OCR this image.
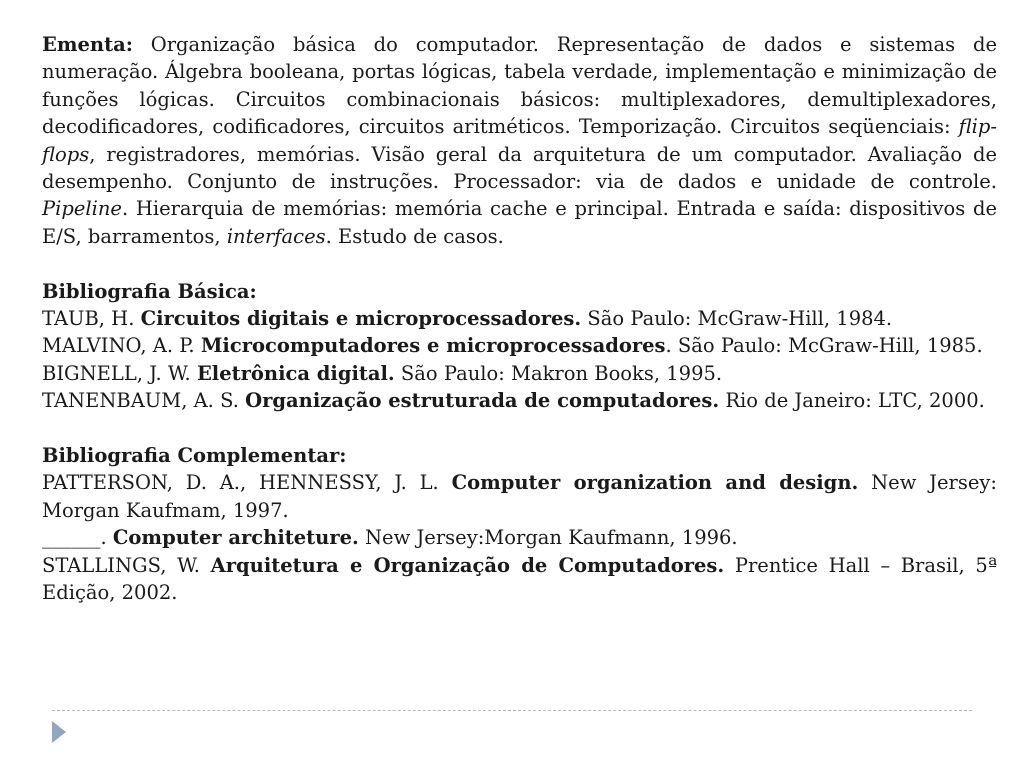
Ementa: Organização básica do computador. Representação de dados e sistemas de numeração. Álgebra booleana, portas lógicas, tabela verdade, implementação e minimização de funções lógicas. Circuitos combinacionais básicos: multiplexadores, demultiplexadores, decodificadores, codificadores, circuitos aritméticos. Temporização. Circuitos seqüenciais: flip-flops, registradores, memórias. Visão geral da arquitetura de um computador. Avaliação de desempenho. Conjunto de instruções. Processador: via de dados e unidade de controle. Pipeline. Hierarquia de memórias: memória cache e principal. Entrada e saída: dispositivos de E/S, barramentos, interfaces. Estudo de casos.

Bibliografia Básica:

TAUB, H. Circuitos digitais e microprocessadores. São Paulo: McGraw-Hill, 1984.

MALVINO, A. P. Microcomputadores e microprocessadores. São Paulo: McGraw-Hill, 1985.

BIGNELL, J. W. Eletrônica digital. São Paulo: Makron Books, 1995.

TANENBAUM, A. S. Organização estruturada de computadores. Rio de Janeiro: LTC, 2000.

Bibliografia Complementar:

PATTERSON, D. A., HENNESSY, J. L. Computer organization and design. New Jersey: Morgan Kaufmam, 1997.

______. Computer architeture. New Jersey:Morgan Kaufmann, 1996.

STALLINGS, W. Arquitetura e Organização de Computadores. Prentice Hall – Brasil, 5ª Edição, 2002.
